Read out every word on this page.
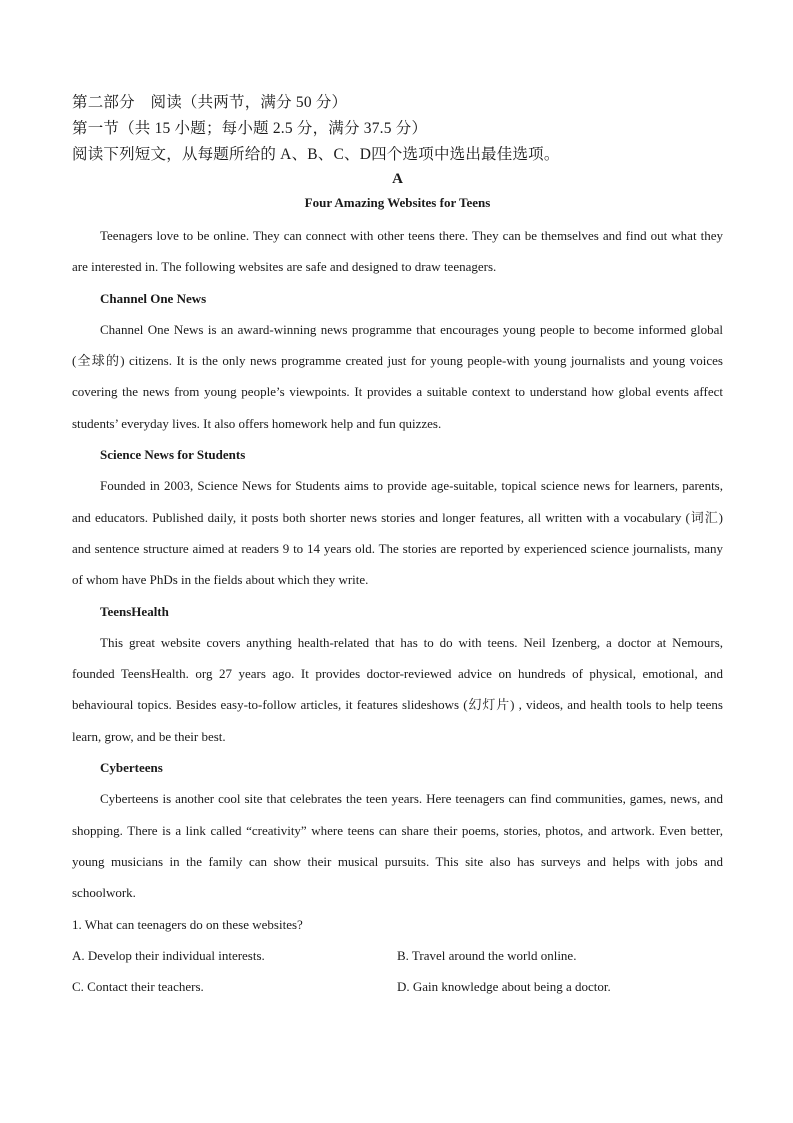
第二部分　阅读（共两节，满分 50 分）
第一节（共 15 小题；每小题 2.5 分，满分 37.5 分）
阅读下列短文，从每题所给的 A、B、C、D四个选项中选出最佳选项。
A
Four Amazing Websites for Teens

Teenagers love to be online. They can connect with other teens there. They can be themselves and find out what they are interested in. The following websites are safe and designed to draw teenagers.

Channel One News

Channel One News is an award-winning news programme that encourages young people to become informed global (全球的) citizens. It is the only news programme created just for young people-with young journalists and young voices covering the news from young people’s viewpoints. It provides a suitable context to understand how global events affect students’ everyday lives. It also offers homework help and fun quizzes.

Science News for Students

Founded in 2003, Science News for Students aims to provide age-suitable, topical science news for learners, parents, and educators. Published daily, it posts both shorter news stories and longer features, all written with a vocabulary (词汇) and sentence structure aimed at readers 9 to 14 years old. The stories are reported by experienced science journalists, many of whom have PhDs in the fields about which they write.

TeensHealth

This great website covers anything health-related that has to do with teens. Neil Izenberg, a doctor at Nemours, founded TeensHealth. org 27 years ago. It provides doctor-reviewed advice on hundreds of physical, emotional, and behavioural topics. Besides easy-to-follow articles, it features slideshows (幻灯片) , videos, and health tools to help teens learn, grow, and be their best.

Cyberteens

Cyberteens is another cool site that celebrates the teen years. Here teenagers can find communities, games, news, and shopping. There is a link called “creativity” where teens can share their poems, stories, photos, and artwork. Even better, young musicians in the family can show their musical pursuits. This site also has surveys and helps with jobs and schoolwork.

1. What can teenagers do on these websites?
A. Develop their individual interests.	B. Travel around the world online.
C. Contact their teachers.	D. Gain knowledge about being a doctor.
